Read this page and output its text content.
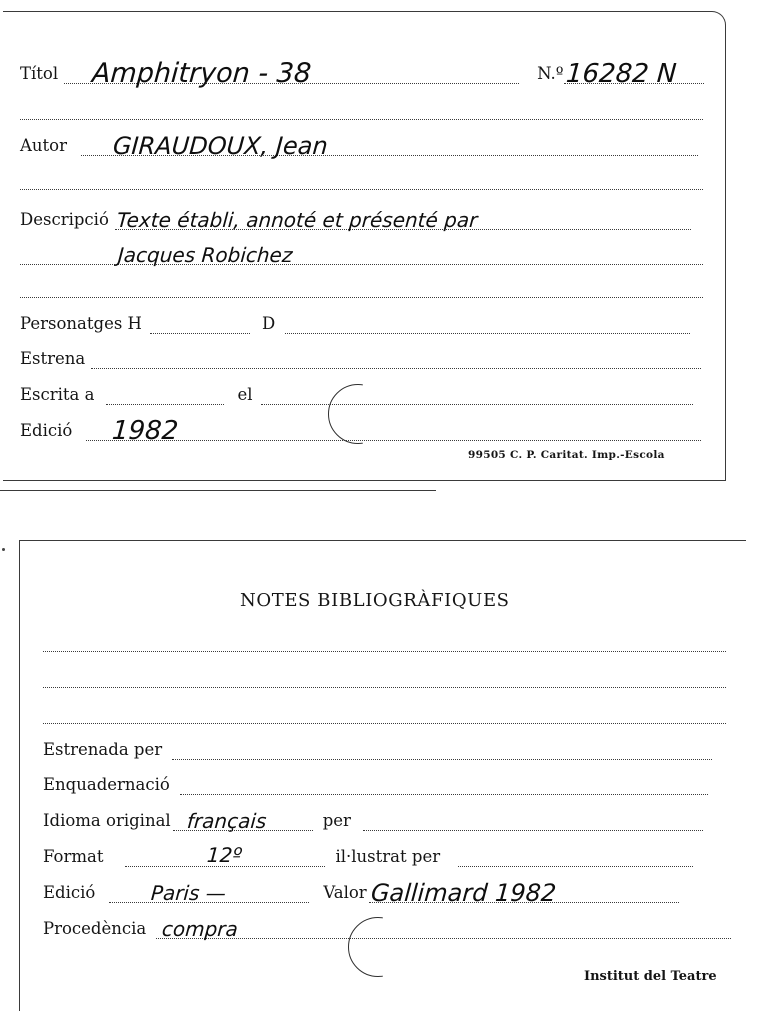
Títol Amphitryon - 38	N.º 16282 N
Autor GIRAUDOUX, Jean
Descripció Texte établi, annoté et présenté par
Jacques Robichez
Personatges H	D
Estrena
Escrita a	el
Edició 1982
99505 C. P. Caritat. Imp.-Escola
NOTES BIBLIOGRÀFIQUES
Estrenada per
Enquadernació
Idioma original français	per
Format	12º	il·lustrat per
Edició	Paris —	Valor Gallimard 1982
Procedència compra
Institut del Teatre
